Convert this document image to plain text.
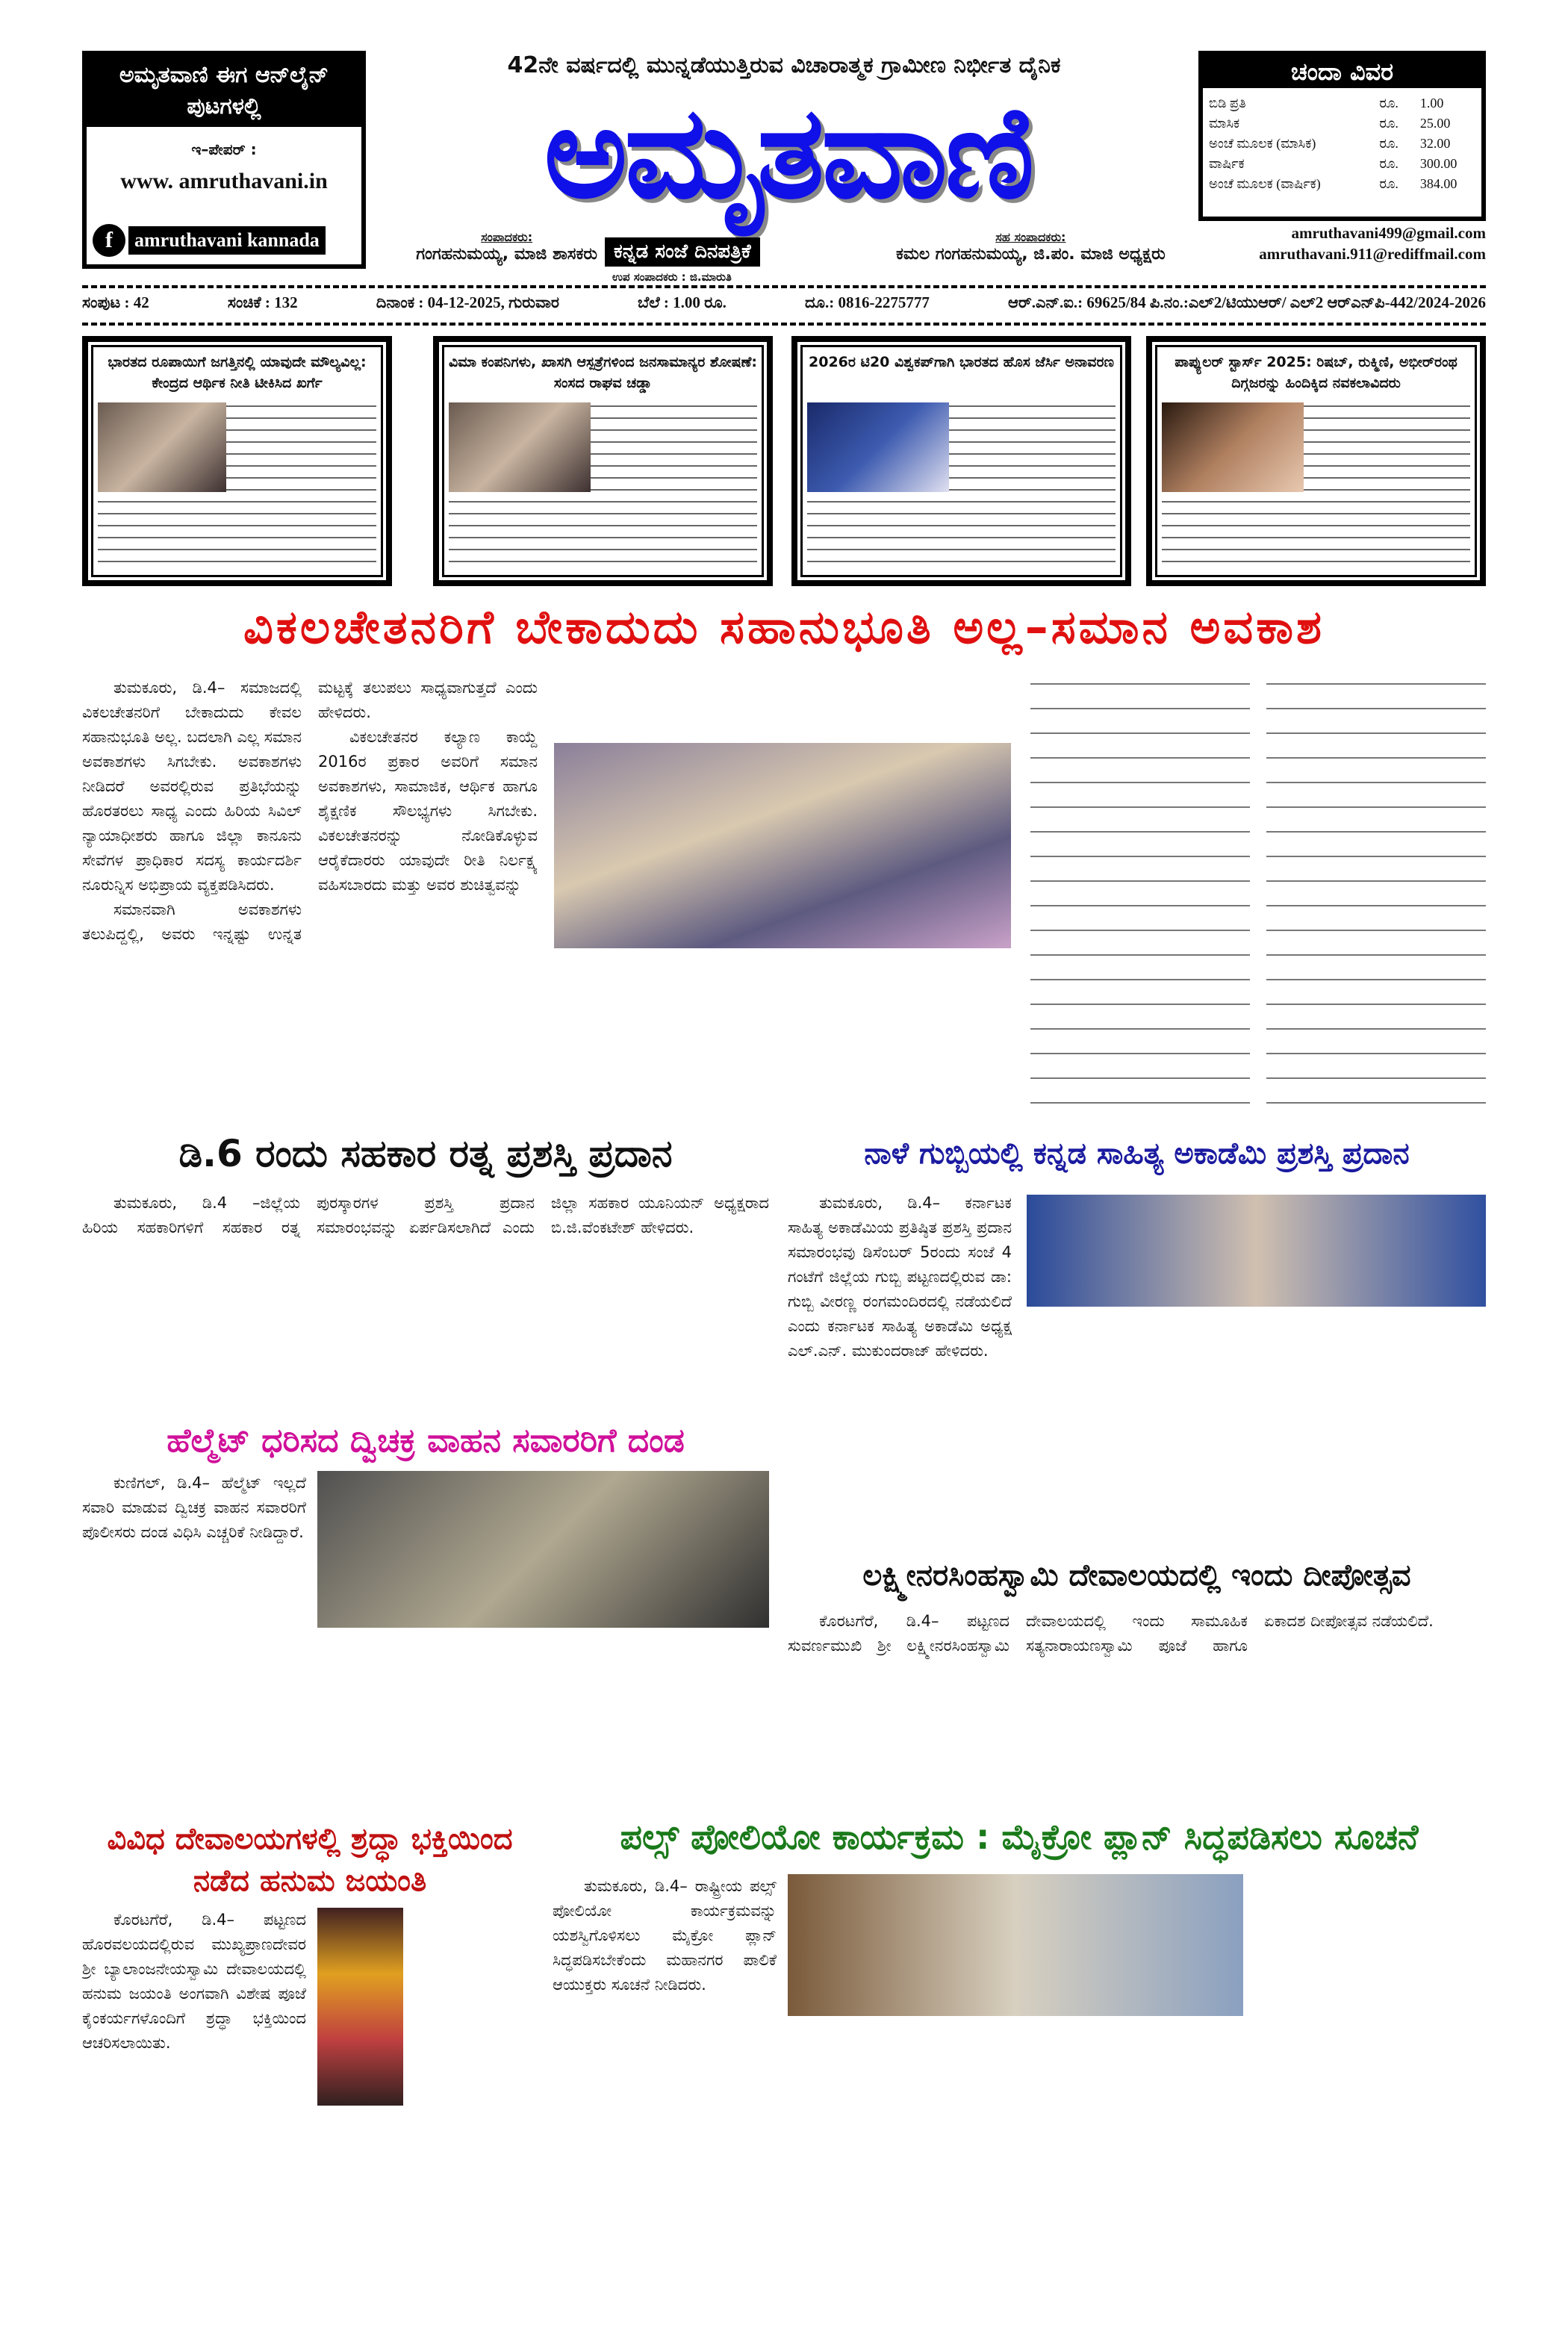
ಅಮೃತವಾಣಿ ಈಗ ಆನ್‌ಲೈನ್ ಪುಟಗಳಲ್ಲಿ
ಇ–ಪೇಪರ್ :
www. amruthavani.in
f	amruthavani kannada
42ನೇ ವರ್ಷದಲ್ಲಿ ಮುನ್ನಡೆಯುತ್ತಿರುವ ವಿಚಾರಾತ್ಮಕ ಗ್ರಾಮೀಣ ನಿರ್ಭೀತ ದೈನಿಕ
ಅಮೃತವಾಣಿ
ಸಂಪಾದಕರು:
ಗಂಗಹನುಮಯ್ಯ, ಮಾಜಿ ಶಾಸಕರು ಕನ್ನಡ ಸಂಜೆ ದಿನಪತ್ರಿಕೆ
ಉಪ ಸಂಪಾದಕರು : ಜಿ.ಮಾರುತಿ
ಸಹ ಸಂಪಾದಕರು:
ಕಮಲ ಗಂಗಹನುಮಯ್ಯ, ಜಿ.ಪಂ. ಮಾಜಿ ಅಧ್ಯಕ್ಷರು
ಚಂದಾ ವಿವರ
ಬಿಡಿ ಪ್ರತಿ	ರೂ.	1.00
ಮಾಸಿಕ	ರೂ.	25.00
ಅಂಚೆ ಮೂಲಕ (ಮಾಸಿಕ)	ರೂ.	32.00
ವಾರ್ಷಿಕ	ರೂ.	300.00
ಅಂಚೆ ಮೂಲಕ (ವಾರ್ಷಿಕ)	ರೂ.	384.00
amruthavani499@gmail.com
amruthavani.911@rediffmail.com
ಸಂಪುಟ : 42	ಸಂಚಿಕೆ : 132	ದಿನಾಂಕ : 04-12-2025, ಗುರುವಾರ	ಬೆಲೆ : 1.00 ರೂ.	ದೂ.: 0816-2275777	ಆರ್.ಎನ್.ಐ.: 69625/84 ಪಿ.ನಂ.:ಎಲ್2/ಟಿಯುಆರ್/ ಎಲ್2 ಆರ್‌ಎನ್‌ಪಿ-442/2024-2026
ಭಾರತದ ರೂಪಾಯಿಗೆ ಜಗತ್ತಿನಲ್ಲಿ ಯಾವುದೇ ಮೌಲ್ಯವಿಲ್ಲ: ಕೇಂದ್ರದ ಆರ್ಥಿಕ ನೀತಿ ಟೀಕಿಸಿದ ಖರ್ಗೆ
ವಿಮಾ ಕಂಪನಿಗಳು, ಖಾಸಗಿ ಆಸ್ಪತ್ರೆಗಳಿಂದ ಜನಸಾಮಾನ್ಯರ ಶೋಷಣೆ: ಸಂಸದ ರಾಘವ ಚಡ್ಡಾ
2026ರ ಟಿ20 ವಿಶ್ವಕಪ್‌ಗಾಗಿ ಭಾರತದ ಹೊಸ ಜೆರ್ಸಿ ಅನಾವರಣ	ಪಾಪ್ಯುಲರ್ ಸ್ಟಾರ್ಸ್ 2025: ರಿಷಬ್, ರುಕ್ಮಿಣಿ, ಅಭೀರ್‌ರಂಥ ದಿಗ್ಗಜರನ್ನು ಹಿಂದಿಕ್ಕಿದ ನವಕಲಾವಿದರು
ವಿಕಲಚೇತನರಿಗೆ ಬೇಕಾದುದು ಸಹಾನುಭೂತಿ ಅಲ್ಲ–ಸಮಾನ ಅವಕಾಶ

ತುಮಕೂರು, ಡಿ.4– ಸಮಾಜದಲ್ಲಿ ವಿಕಲಚೇತನರಿಗೆ ಬೇಕಾದುದು ಕೇವಲ ಸಹಾನುಭೂತಿ ಅಲ್ಲ. ಬದಲಾಗಿ ಎಲ್ಲ ಸಮಾನ ಅವಕಾಶಗಳು ಸಿಗಬೇಕು. ಅವಕಾಶಗಳು ನೀಡಿದರೆ ಅವರಲ್ಲಿರುವ ಪ್ರತಿಭೆಯನ್ನು ಹೊರತರಲು ಸಾಧ್ಯ ಎಂದು ಹಿರಿಯ ಸಿವಿಲ್ ನ್ಯಾಯಾಧೀಶರು ಹಾಗೂ ಜಿಲ್ಲಾ ಕಾನೂನು ಸೇವೆಗಳ ಪ್ರಾಧಿಕಾರ ಸದಸ್ಯ ಕಾರ್ಯದರ್ಶಿ ನೂರುನ್ನಿಸ ಅಭಿಪ್ರಾಯ ವ್ಯಕ್ತಪಡಿಸಿದರು.

ಸಮಾನವಾಗಿ ಅವಕಾಶಗಳು ತಲುಪಿದ್ದಲ್ಲಿ, ಅವರು ಇನ್ನಷ್ಟು ಉನ್ನತ ಮಟ್ಟಕ್ಕೆ ತಲುಪಲು ಸಾಧ್ಯವಾಗುತ್ತದೆ ಎಂದು ಹೇಳಿದರು.

ವಿಕಲಚೇತನರ ಕಲ್ಯಾಣ ಕಾಯ್ದೆ 2016ರ ಪ್ರಕಾರ ಅವರಿಗೆ ಸಮಾನ ಅವಕಾಶಗಳು, ಸಾಮಾಜಿಕ, ಆರ್ಥಿಕ ಹಾಗೂ ಶೈಕ್ಷಣಿಕ ಸೌಲಭ್ಯಗಳು ಸಿಗಬೇಕು. ವಿಕಲಚೇತನರನ್ನು ನೋಡಿಕೊಳ್ಳುವ ಆರೈಕೆದಾರರು ಯಾವುದೇ ರೀತಿ ನಿರ್ಲಕ್ಷ್ಯ ವಹಿಸಬಾರದು ಮತ್ತು ಅವರ ಶುಚಿತ್ವವನ್ನು

ಡಿ.6 ರಂದು ಸಹಕಾರ ರತ್ನ ಪ್ರಶಸ್ತಿ ಪ್ರದಾನ

ತುಮಕೂರು, ಡಿ.4 –ಜಿಲ್ಲೆಯ ಹಿರಿಯ ಸಹಕಾರಿಗಳಿಗೆ ಸಹಕಾರ ರತ್ನ ಪುರಸ್ಕಾರಗಳ ಪ್ರಶಸ್ತಿ ಪ್ರದಾನ ಸಮಾರಂಭವನ್ನು ಏರ್ಪಡಿಸಲಾಗಿದೆ ಎಂದು ಜಿಲ್ಲಾ ಸಹಕಾರ ಯೂನಿಯನ್ ಅಧ್ಯಕ್ಷರಾದ ಬಿ.ಜಿ.ವೆಂಕಟೇಶ್ ಹೇಳಿದರು.

ನಾಳೆ ಗುಬ್ಬಿಯಲ್ಲಿ ಕನ್ನಡ ಸಾಹಿತ್ಯ ಅಕಾಡೆಮಿ ಪ್ರಶಸ್ತಿ ಪ್ರದಾನ

ತುಮಕೂರು, ಡಿ.4– ಕರ್ನಾಟಕ ಸಾಹಿತ್ಯ ಅಕಾಡೆಮಿಯ ಪ್ರತಿಷ್ಠಿತ ಪ್ರಶಸ್ತಿ ಪ್ರದಾನ ಸಮಾರಂಭವು ಡಿಸೆಂಬರ್ 5ರಂದು ಸಂಜೆ 4 ಗಂಟೆಗೆ ಜಿಲ್ಲೆಯ ಗುಬ್ಬಿ ಪಟ್ಟಣದಲ್ಲಿರುವ ಡಾ: ಗುಬ್ಬಿ ವೀರಣ್ಣ ರಂಗಮಂದಿರದಲ್ಲಿ ನಡೆಯಲಿದೆ ಎಂದು ಕರ್ನಾಟಕ ಸಾಹಿತ್ಯ ಅಕಾಡೆಮಿ ಅಧ್ಯಕ್ಷ ಎಲ್.ಎನ್. ಮುಕುಂದರಾಜ್ ಹೇಳಿದರು.

ಹೆಲ್ಮೆಟ್ ಧರಿಸದ ದ್ವಿಚಕ್ರ ವಾಹನ ಸವಾರರಿಗೆ ದಂಡ

ಕುಣಿಗಲ್, ಡಿ.4– ಹೆಲ್ಮೆಟ್ ಇಲ್ಲದೆ ಸವಾರಿ ಮಾಡುವ ದ್ವಿಚಕ್ರ ವಾಹನ ಸವಾರರಿಗೆ ಪೊಲೀಸರು ದಂಡ ವಿಧಿಸಿ ಎಚ್ಚರಿಕೆ ನೀಡಿದ್ದಾರೆ.

ಲಕ್ಷ್ಮೀನರಸಿಂಹಸ್ವಾಮಿ ದೇವಾಲಯದಲ್ಲಿ ಇಂದು ದೀಪೋತ್ಸವ

ಕೊರಟಗೆರೆ, ಡಿ.4– ಪಟ್ಟಣದ ಸುವರ್ಣಮುಖಿ ಶ್ರೀ ಲಕ್ಷ್ಮೀನರಸಿಂಹಸ್ವಾಮಿ ದೇವಾಲಯದಲ್ಲಿ ಇಂದು ಸಾಮೂಹಿಕ ಸತ್ಯನಾರಾಯಣಸ್ವಾಮಿ ಪೂಜೆ ಹಾಗೂ ಏಕಾದಶ ದೀಪೋತ್ಸವ ನಡೆಯಲಿದೆ.

ವಿವಿಧ ದೇವಾಲಯಗಳಲ್ಲಿ ಶ್ರದ್ಧಾ ಭಕ್ತಿಯಿಂದ ನಡೆದ ಹನುಮ ಜಯಂತಿ

ಕೊರಟಗೆರೆ, ಡಿ.4– ಪಟ್ಟಣದ ಹೊರವಲಯದಲ್ಲಿರುವ ಮುಖ್ಯಪ್ರಾಣದೇವರ ಶ್ರೀ ಬ್ಯಾಲಾಂಜನೇಯಸ್ವಾಮಿ ದೇವಾಲಯದಲ್ಲಿ ಹನುಮ ಜಯಂತಿ ಅಂಗವಾಗಿ ವಿಶೇಷ ಪೂಜೆ ಕೈಂಕರ್ಯಗಳೊಂದಿಗೆ ಶ್ರದ್ಧಾ ಭಕ್ತಿಯಿಂದ ಆಚರಿಸಲಾಯಿತು.

ಪಲ್ಸ್ ಪೋಲಿಯೋ ಕಾರ್ಯಕ್ರಮ : ಮೈಕ್ರೋ ಪ್ಲಾನ್ ಸಿದ್ಧಪಡಿಸಲು ಸೂಚನೆ

ತುಮಕೂರು, ಡಿ.4– ರಾಷ್ಟ್ರೀಯ ಪಲ್ಸ್ ಪೋಲಿಯೋ ಕಾರ್ಯಕ್ರಮವನ್ನು ಯಶಸ್ವಿಗೊಳಿಸಲು ಮೈಕ್ರೋ ಪ್ಲಾನ್ ಸಿದ್ಧಪಡಿಸಬೇಕೆಂದು ಮಹಾನಗರ ಪಾಲಿಕೆ ಆಯುಕ್ತರು ಸೂಚನೆ ನೀಡಿದರು.
